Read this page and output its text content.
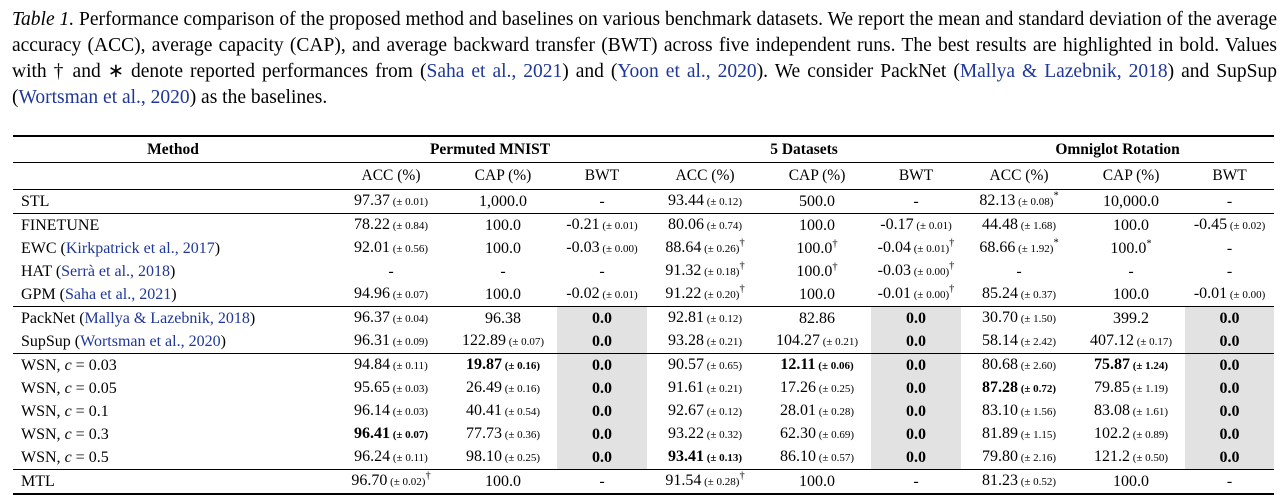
Table 1. Performance comparison of the proposed method and baselines on various benchmark datasets. We report the mean and standard deviation of the average accuracy (ACC), average capacity (CAP), and average backward transfer (BWT) across five independent runs. The best results are highlighted in bold. Values with † and ∗ denote reported performances from (Saha et al., 2021) and (Yoon et al., 2020). We consider PackNet (Mallya & Lazebnik, 2018) and SupSup (Wortsman et al., 2020) as the baselines.
Method	Permuted MNIST			5 Datasets			Omniglot Rotation		
	ACC (%)	CAP (%)	BWT	ACC (%)	CAP (%)	BWT	ACC (%)	CAP (%)	BWT
STL	97.37 (± 0.01)	1,000.0	-	93.44 (± 0.12)	500.0	-	82.13 (± 0.08)*	10,000.0	-
FINETUNE	78.22 (± 0.84)	100.0	-0.21 (± 0.01)	80.06 (± 0.74)	100.0	-0.17 (± 0.01)	44.48 (± 1.68)	100.0	-0.45 (± 0.02)
EWC (Kirkpatrick et al., 2017)	92.01 (± 0.56)	100.0	-0.03 (± 0.00)	88.64 (± 0.26)†	100.0†	-0.04 (± 0.01)†	68.66 (± 1.92)*	100.0*	-
HAT (Serrà et al., 2018)	-	-	-	91.32 (± 0.18)†	100.0†	-0.03 (± 0.00)†	-	-	-
GPM (Saha et al., 2021)	94.96 (± 0.07)	100.0	-0.02 (± 0.01)	91.22 (± 0.20)†	100.0	-0.01 (± 0.00)†	85.24 (± 0.37)	100.0	-0.01 (± 0.00)
PackNet (Mallya & Lazebnik, 2018)	96.37 (± 0.04)	96.38	0.0	92.81 (± 0.12)	82.86	0.0	30.70 (± 1.50)	399.2	0.0
SupSup (Wortsman et al., 2020)	96.31 (± 0.09)	122.89 (± 0.07)	0.0	93.28 (± 0.21)	104.27 (± 0.21)	0.0	58.14 (± 2.42)	407.12 (± 0.17)	0.0
WSN, c = 0.03	94.84 (± 0.11)	19.87 (± 0.16)	0.0	90.57 (± 0.65)	12.11 (± 0.06)	0.0	80.68 (± 2.60)	75.87 (± 1.24)	0.0
WSN, c = 0.05	95.65 (± 0.03)	26.49 (± 0.16)	0.0	91.61 (± 0.21)	17.26 (± 0.25)	0.0	87.28 (± 0.72)	79.85 (± 1.19)	0.0
WSN, c = 0.1	96.14 (± 0.03)	40.41 (± 0.54)	0.0	92.67 (± 0.12)	28.01 (± 0.28)	0.0	83.10 (± 1.56)	83.08 (± 1.61)	0.0
WSN, c = 0.3	96.41 (± 0.07)	77.73 (± 0.36)	0.0	93.22 (± 0.32)	62.30 (± 0.69)	0.0	81.89 (± 1.15)	102.2 (± 0.89)	0.0
WSN, c = 0.5	96.24 (± 0.11)	98.10 (± 0.25)	0.0	93.41 (± 0.13)	86.10 (± 0.57)	0.0	79.80 (± 2.16)	121.2 (± 0.50)	0.0
MTL	96.70 (± 0.02)†	100.0	-	91.54 (± 0.28)†	100.0	-	81.23 (± 0.52)	100.0	-
